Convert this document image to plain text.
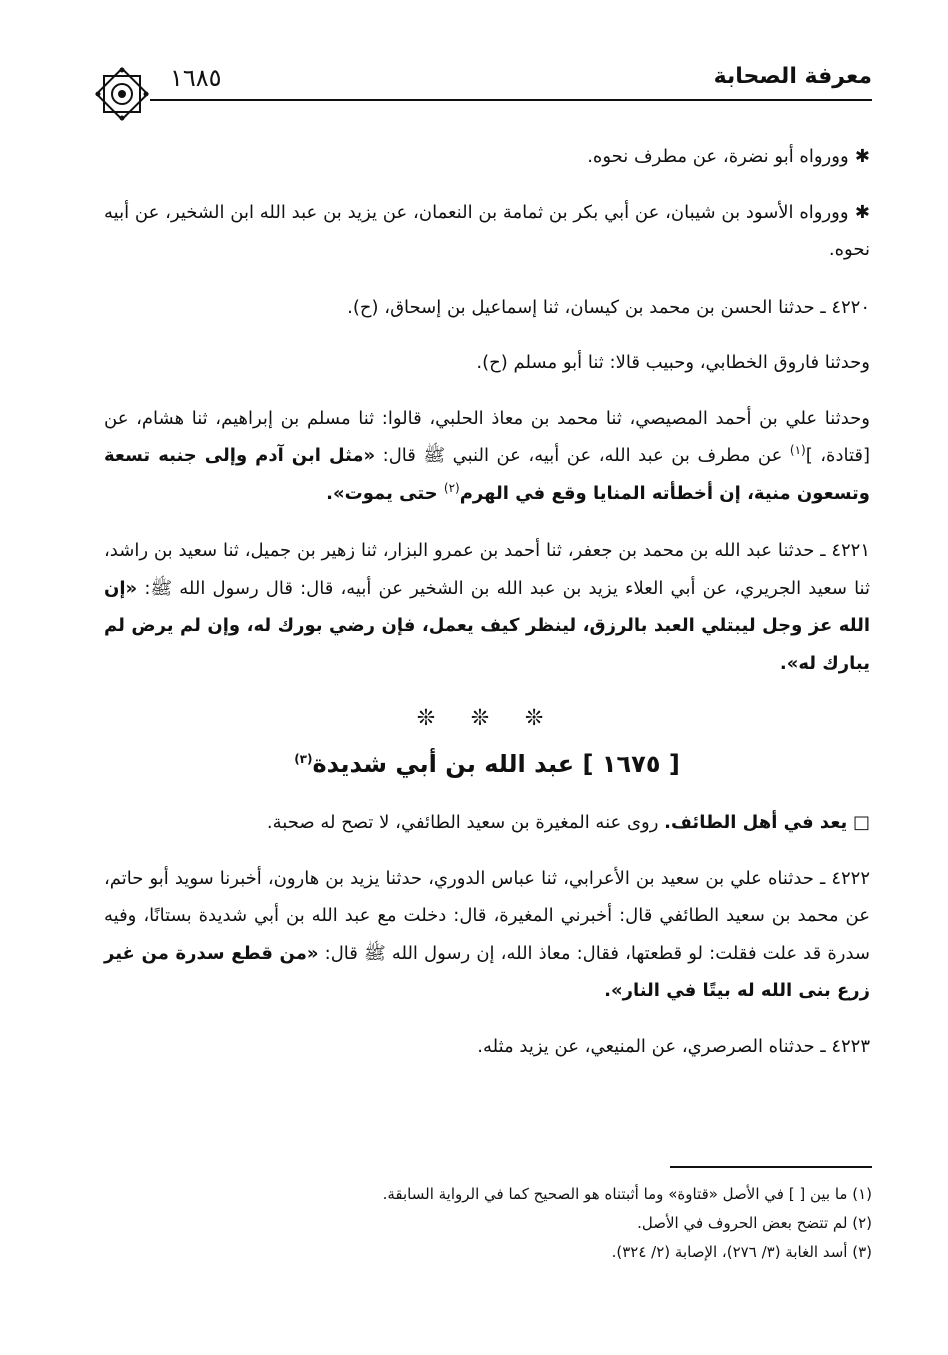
معرفة الصحابة
١٦٨٥

✱ وورواه أبو نضرة، عن مطرف نحوه.

✱ وورواه الأسود بن شيبان، عن أبي بكر بن ثمامة بن النعمان، عن يزيد بن عبد الله ابن الشخير، عن أبيه نحوه.

٤٢٢٠ ـ حدثنا الحسن بن محمد بن كيسان، ثنا إسماعيل بن إسحاق، (ح).

وحدثنا فاروق الخطابي، وحبيب قالا: ثنا أبو مسلم (ح).

وحدثنا علي بن أحمد المصيصي، ثنا محمد بن معاذ الحلبي، قالوا: ثنا مسلم بن إبراهيم، ثنا هشام، عن [قتادة، ]$^{(١)}$ عن مطرف بن عبد الله، عن أبيه، عن النبي ﷺ قال: «مثل ابن آدم وإلى جنبه تسعة وتسعون منية، إن أخطأته المنايا وقع في الهرم$^{(٢)}$ حتى يموت».

٤٢٢١ ـ حدثنا عبد الله بن محمد بن جعفر، ثنا أحمد بن عمرو البزار، ثنا زهير بن جميل، ثنا سعيد بن راشد، ثنا سعيد الجريري، عن أبي العلاء يزيد بن عبد الله بن الشخير عن أبيه، قال: قال رسول الله ﷺ: «إن الله عز وجل ليبتلي العبد بالرزق، لينظر كيف يعمل، فإن رضي بورك له، وإن لم يرض لم يبارك له».

❊ ❊ ❊
[ ١٦٧٥ ] عبد الله بن أبي شديدة$^{(٣)}$

□ يعد في أهل الطائف. روى عنه المغيرة بن سعيد الطائفي، لا تصح له صحبة.

٤٢٢٢ ـ حدثناه علي بن سعيد بن الأعرابي، ثنا عباس الدوري، حدثنا يزيد بن هارون، أخبرنا سويد أبو حاتم، عن محمد بن سعيد الطائفي قال: أخبرني المغيرة، قال: دخلت مع عبد الله بن أبي شديدة بستانًا، وفيه سدرة قد علت فقلت: لو قطعتها، فقال: معاذ الله، إن رسول الله ﷺ قال: «من قطع سدرة من غير زرع بنى الله له بيتًا في النار».

٤٢٢٣ ـ حدثناه الصرصري، عن المنيعي، عن يزيد مثله.

(١) ما بين [ ] في الأصل «قتاوة» وما أثبتناه هو الصحيح كما في الرواية السابقة.
(٢) لم تتضح بعض الحروف في الأصل.
(٣) أسد الغابة (٣/ ٢٧٦)، الإصابة (٢/ ٣٢٤).
